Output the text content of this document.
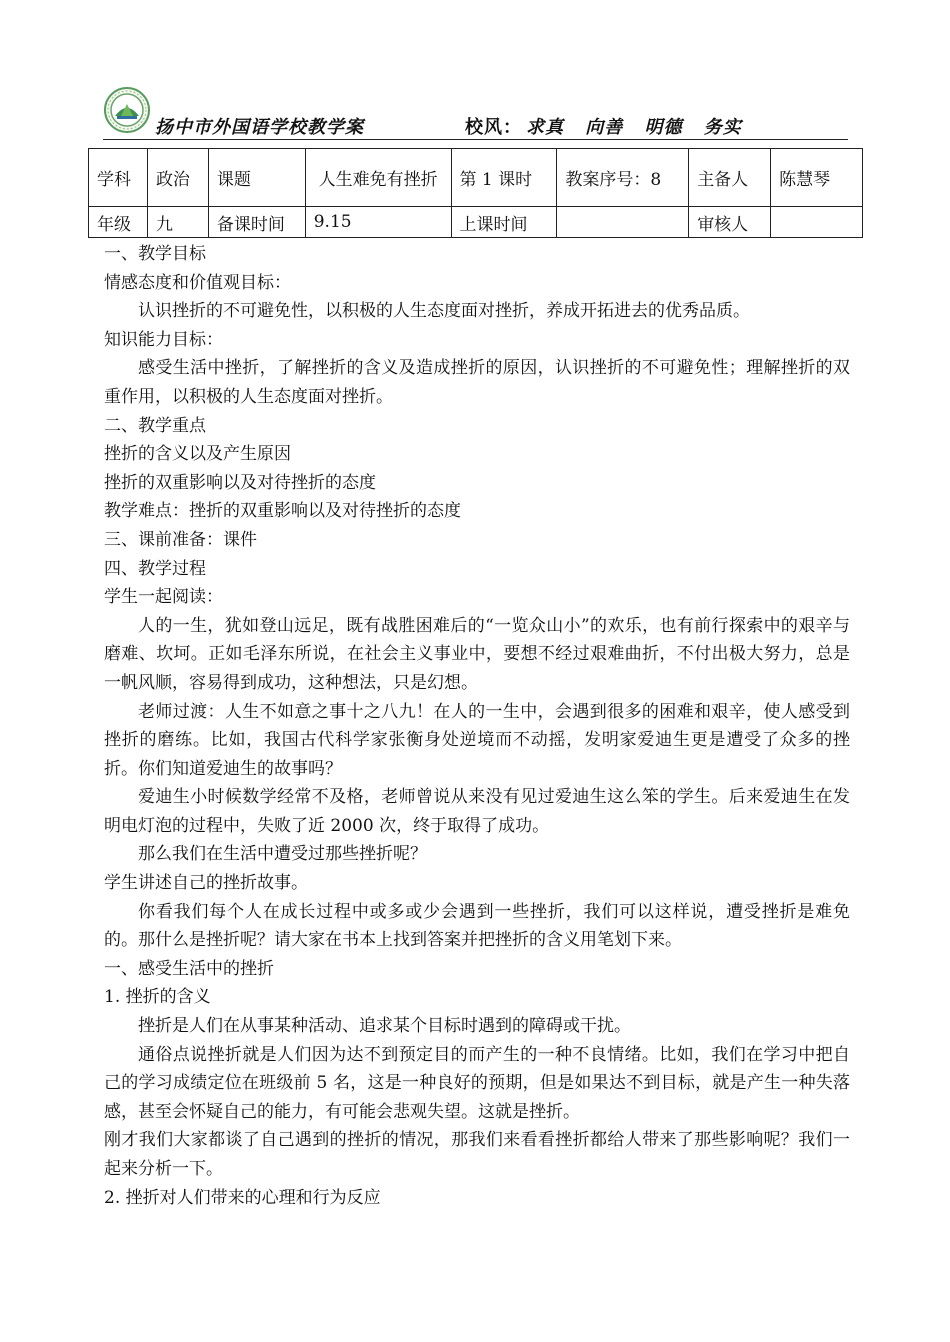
扬中市外国语学校教学案	校风： 求真 向善 明德 务实
学科	政治	课题	人生难免有挫折	第 1 课时	教案序号：8	主备人	陈慧琴
年级	九	备课时间	9.15	上课时间		审核人	

一、教学目标

情感态度和价值观目标：

认识挫折的不可避免性，以积极的人生态度面对挫折，养成开拓进去的优秀品质。

知识能力目标：

感受生活中挫折，了解挫折的含义及造成挫折的原因，认识挫折的不可避免性；理解挫折的双重作用，以积极的人生态度面对挫折。

二、教学重点

挫折的含义以及产生原因

挫折的双重影响以及对待挫折的态度

教学难点：挫折的双重影响以及对待挫折的态度

三、课前准备：课件

四、教学过程

学生一起阅读：

人的一生，犹如登山远足，既有战胜困难后的“一览众山小”的欢乐，也有前行探索中的艰辛与磨难、坎坷。正如毛泽东所说，在社会主义事业中，要想不经过艰难曲折，不付出极大努力，总是一帆风顺，容易得到成功，这种想法，只是幻想。

老师过渡：人生不如意之事十之八九！在人的一生中，会遇到很多的困难和艰辛，使人感受到挫折的磨练。比如，我国古代科学家张衡身处逆境而不动摇，发明家爱迪生更是遭受了众多的挫折。你们知道爱迪生的故事吗？

爱迪生小时候数学经常不及格，老师曾说从来没有见过爱迪生这么笨的学生。后来爱迪生在发明电灯泡的过程中，失败了近 2000 次，终于取得了成功。

那么我们在生活中遭受过那些挫折呢？

学生讲述自己的挫折故事。

你看我们每个人在成长过程中或多或少会遇到一些挫折，我们可以这样说，遭受挫折是难免的。那什么是挫折呢？请大家在书本上找到答案并把挫折的含义用笔划下来。

一、感受生活中的挫折

1. 挫折的含义

挫折是人们在从事某种活动、追求某个目标时遇到的障碍或干扰。

通俗点说挫折就是人们因为达不到预定目的而产生的一种不良情绪。比如，我们在学习中把自己的学习成绩定位在班级前 5 名，这是一种良好的预期，但是如果达不到目标，就是产生一种失落感，甚至会怀疑自己的能力，有可能会悲观失望。这就是挫折。

刚才我们大家都谈了自己遇到的挫折的情况，那我们来看看挫折都给人带来了那些影响呢？我们一起来分析一下。

2. 挫折对人们带来的心理和行为反应
